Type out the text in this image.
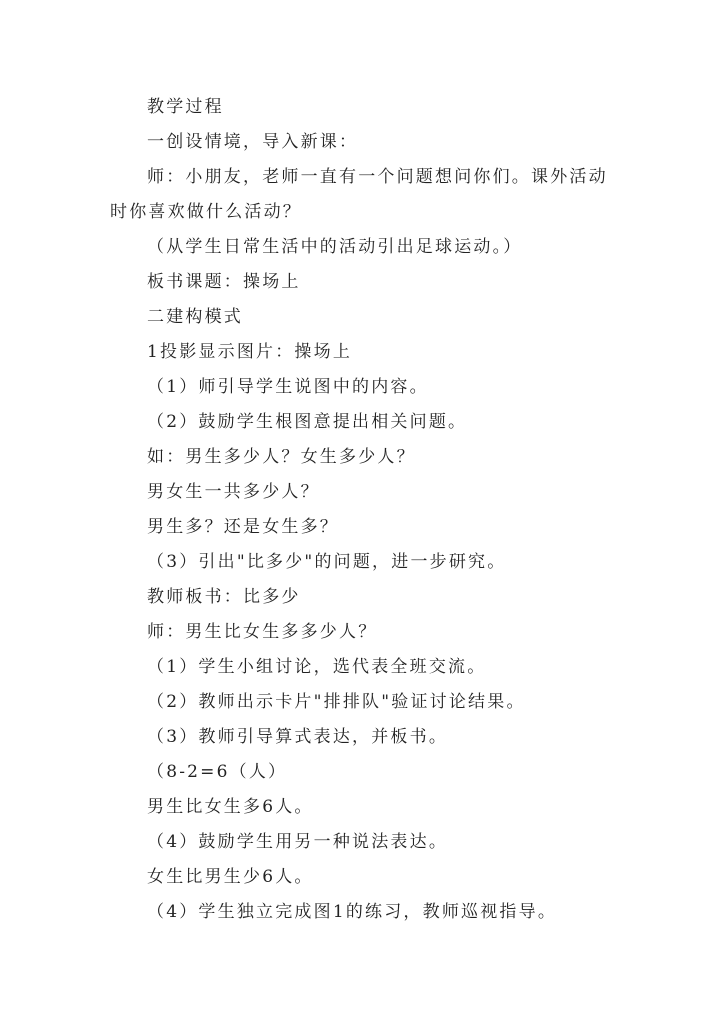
教学过程
一创设情境，导入新课：
师：小朋友，老师一直有一个问题想问你们。课外活动
时你喜欢做什么活动？
（从学生日常生活中的活动引出足球运动。）
板书课题：操场上
二建构模式
1投影显示图片：操场上
（1）师引导学生说图中的内容。
（2）鼓励学生根图意提出相关问题。
如：男生多少人？女生多少人？
男女生一共多少人？
男生多？还是女生多？
（3）引出"比多少"的问题，进一步研究。
教师板书：比多少
师：男生比女生多多少人？
（1）学生小组讨论，选代表全班交流。
（2）教师出示卡片"排排队"验证讨论结果。
（3）教师引导算式表达，并板书。
（8-2=6（人）
男生比女生多6人。
（4）鼓励学生用另一种说法表达。
女生比男生少6人。
（4）学生独立完成图1的练习，教师巡视指导。
